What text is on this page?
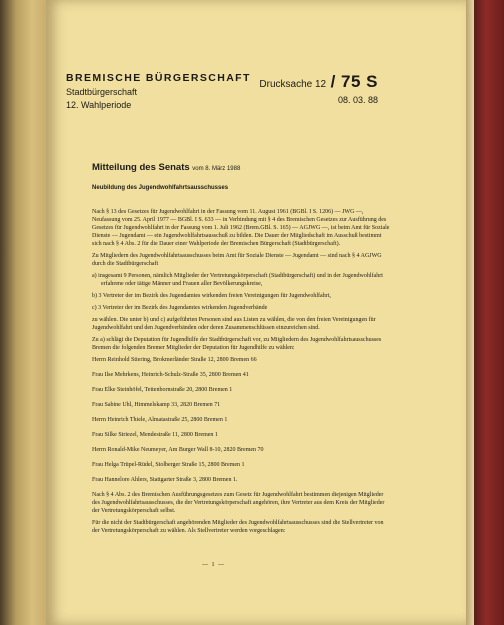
BREMISCHE BÜRGERSCHAFT
Stadtbürgerschaft
12. Wahlperiode
Drucksache 12 / 75 S
08. 03. 88
Mitteilung des Senats vom 8. März 1988
Neubildung des Jugendwohlfahrtsausschusses

Nach § 13 des Gesetzes für Jugendwohlfahrt in der Fassung vom 11. August 1961 (BGBl. I S. 1206) — JWG —, Neufassung vom 25. April 1977 — BGBl. I S. 633 — in Verbindung mit § 4 des Bremischen Gesetzes zur Ausführung des Gesetzes für Jugendwohlfahrt in der Fassung vom 1. Juli 1962 (Brem.GBl. S. 165) — AGJWG —, ist beim Amt für Soziale Dienste — Jugendamt — ein Jugendwohlfahrtsausschuß zu bilden. Die Dauer der Mitgliedschaft im Ausschuß bestimmt sich nach § 4 Abs. 2 für die Dauer einer Wahlperiode der Bremischen Bürgerschaft (Stadtbürgerschaft).

Zu Mitgliedern des Jugendwohlfahrtsausschusses beim Amt für Soziale Dienste — Jugendamt — sind nach § 4 AGJWG durch die Stadtbürgerschaft

a) insgesamt 9 Personen, nämlich Mitglieder der Vertretungskörperschaft (Stadtbürgerschaft) und in der Jugendwohlfahrt erfahrene oder tätige Männer und Frauen aller Bevölkerungskreise,

b) 3 Vertreter der im Bezirk des Jugendamtes wirkenden freien Vereinigungen für Jugendwohlfahrt,

c) 3 Vertreter der im Bezirk des Jugendamtes wirkenden Jugendverbände

zu wählen. Die unter b) und c) aufgeführten Personen sind aus Listen zu wählen, die von den freien Vereinigungen für Jugendwohlfahrt und den Jugendverbänden oder deren Zusammenschlüssen einzureichen sind.

Zu a) schlägt die Deputation für Jugendhilfe der Stadtbürgerschaft vor, zu Mitgliedern des Jugendwohlfahrtsausschusses Bremen die folgenden Bremer Mitglieder der Deputation für Jugendhilfe zu wählen:

Herrn Reinhold Stiering, Brokmerländer Straße 12, 2800 Bremen 66

Frau Ilse Mehrkens, Heinrich-Schulz-Straße 35, 2800 Bremen 41

Frau Elke Steinhöfel, Tettenbornstraße 20, 2800 Bremen 1

Frau Sabine Uhl, Himmelskamp 33, 2820 Bremen 71

Herrn Heinrich Thiele, Almatastraße 25, 2800 Bremen 1

Frau Silke Striezel, Mendestraße 11, 2800 Bremen 1

Herrn Ronald-Mike Neumeyer, Am Burger Wall 8-10, 2820 Bremen 70

Frau Helga Trüpel-Rüdel, Stolberger Straße 15, 2800 Bremen 1

Frau Hannelore Ahlers, Stattgarter Straße 3, 2800 Bremen 1.

Nach § 4 Abs. 2 des Bremischen Ausführungsgesetzes zum Gesetz für Jugendwohlfahrt bestimmen diejenigen Mitglieder des Jugendwohlfahrtsausschusses, die der Vertretungskörperschaft angehören, ihre Vertreter aus dem Kreis der Mitglieder der Vertretungskörperschaft selbst.

Für die nicht der Stadtbürgerschaft angehörenden Mitglieder des Jugendwohlfahrtsausschusses sind die Stellvertreter von der Vertretungskörperschaft zu wählen. Als Stellvertreter werden vorgeschlagen:

— 1 —
